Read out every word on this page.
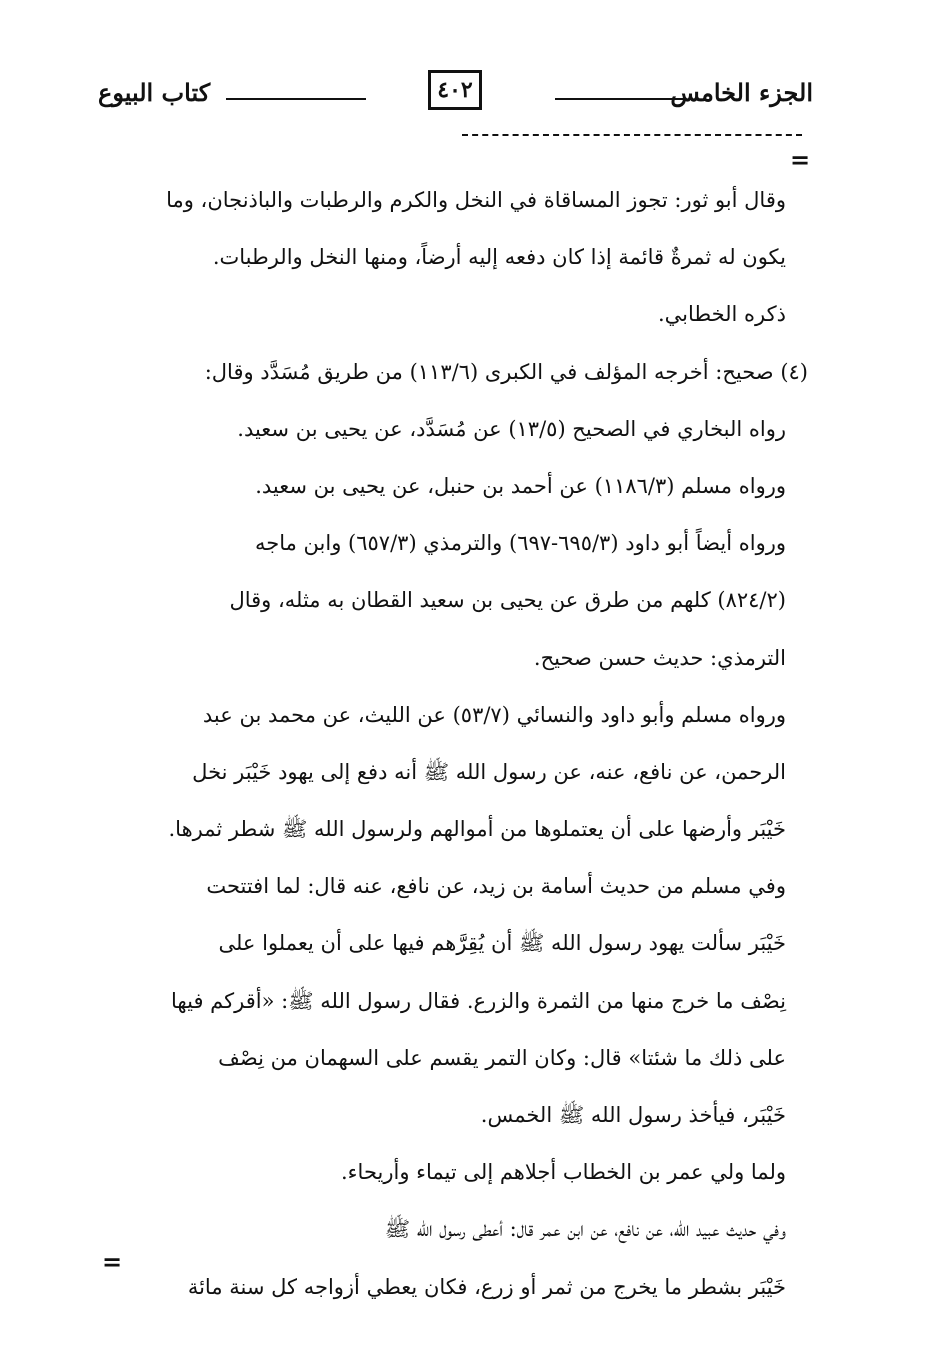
الجزء الخامس
٤٠٢
كتاب البيوع
=
وقال أبو ثور: تجوز المساقاة في النخل والكرم والرطبات والباذنجان، وما
يكون له ثمرةٌ قائمة إذا كان دفعه إليه أرضاً، ومنها النخل والرطبات.
ذكره الخطابي.
(٤) صحيح: أخرجه المؤلف في الكبرى (١١٣/٦) من طريق مُسَدَّد وقال:
رواه البخاري في الصحيح (١٣/٥) عن مُسَدَّد، عن يحيى بن سعيد.
ورواه مسلم (١١٨٦/٣) عن أحمد بن حنبل، عن يحيى بن سعيد.
ورواه أيضاً أبو داود (٦٩٥/٣-٦٩٧) والترمذي (٦٥٧/٣) وابن ماجه
(٨٢٤/٢) كلهم من طرق عن يحيى بن سعيد القطان به مثله، وقال
الترمذي: حديث حسن صحيح.
ورواه مسلم وأبو داود والنسائي (٥٣/٧) عن الليث، عن محمد بن عبد
الرحمن، عن نافع، عنه، عن رسول الله ﷺ أنه دفع إلى يهود خَيْبَر نخل
خَيْبَر وأرضها على أن يعتملوها من أموالهم ولرسول الله ﷺ شطر ثمرها.
وفي مسلم من حديث أسامة بن زيد، عن نافع، عنه قال: لما افتتحت
خَيْبَر سألت يهود رسول الله ﷺ أن يُقِرَّهم فيها على أن يعملوا على
نِصْف ما خرج منها من الثمرة والزرع. فقال رسول الله ﷺ: «أقركم فيها
على ذلك ما شئتا» قال: وكان التمر يقسم على السهمان من نِصْف
خَيْبَر، فيأخذ رسول الله ﷺ الخمس.
ولما ولي عمر بن الخطاب أجلاهم إلى تيماء وأريحاء.
وفي حديث عبيد الله، عن نافع، عن ابن عمر قال: أعطى رسول الله ﷺ
خَيْبَر بشطر ما يخرج من ثمر أو زرع، فكان يعطي أزواجه كل سنة مائة
=
